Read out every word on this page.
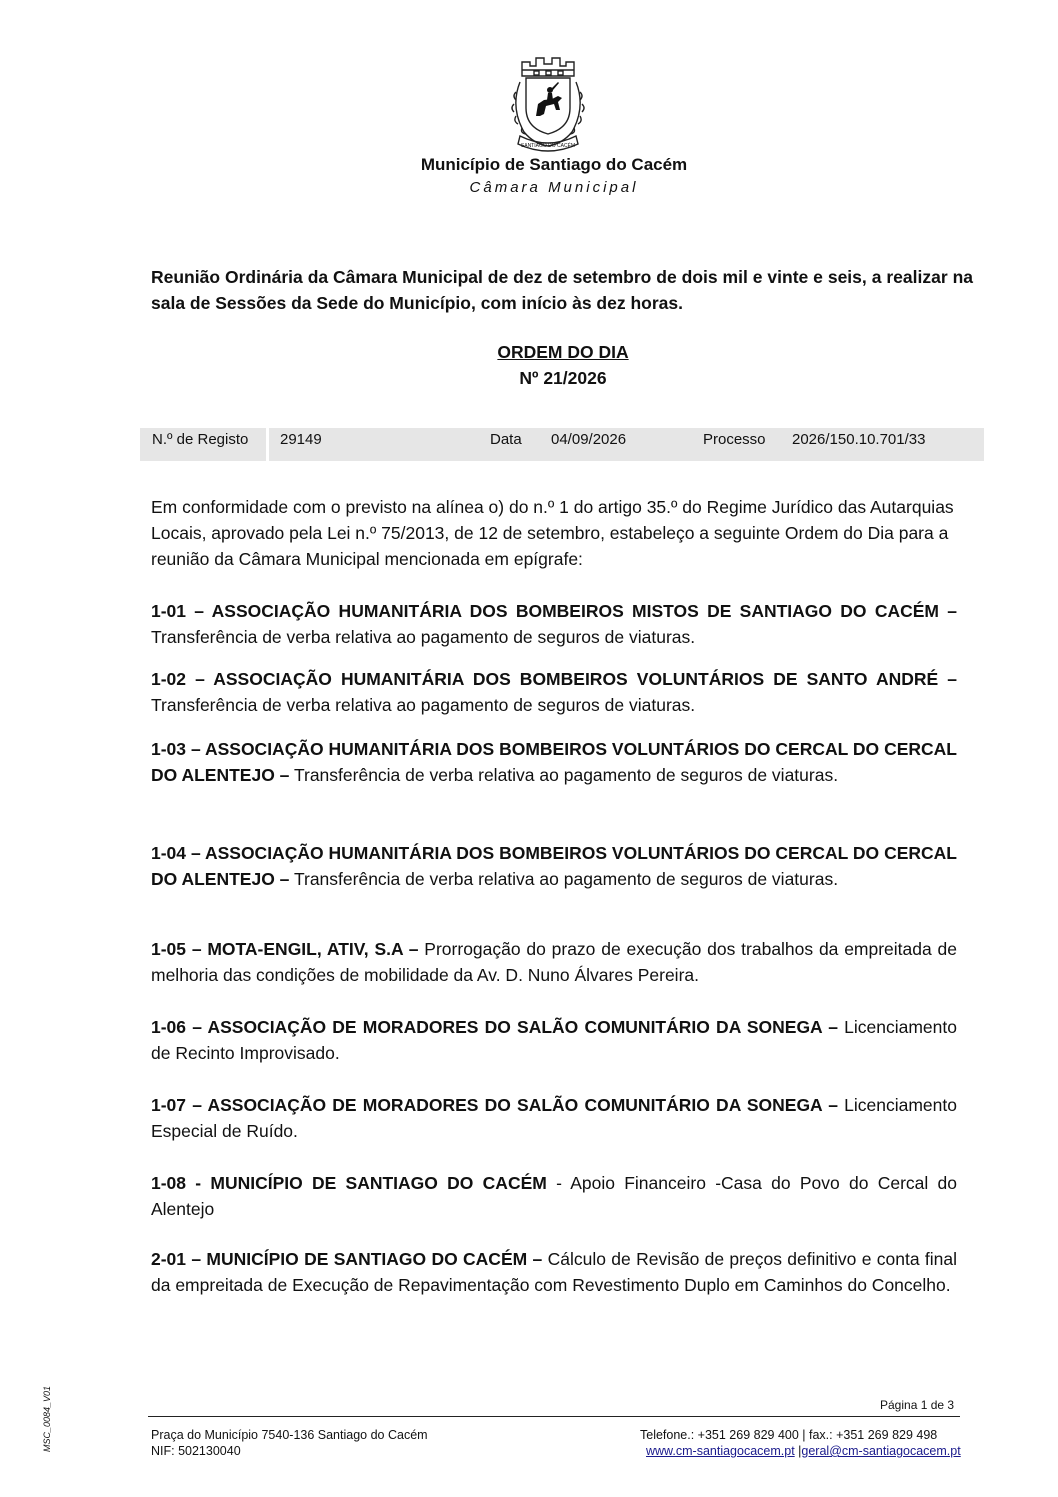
SANTIAGO DO CACÉM
Município de Santiago do Cacém
Câmara Municipal
Reunião Ordinária da Câmara Municipal de dez de setembro de dois mil e vinte e seis, a realizar na sala de Sessões da Sede do Município, com início às dez horas.
ORDEM DO DIA
Nº 21/2026
N.º de Registo 29149	Data 04/09/2026	Processo 2026/150.10.701/33
Em conformidade com o previsto na alínea o) do n.º 1 do artigo 35.º do Regime Jurídico das Autarquias Locais, aprovado pela Lei n.º 75/2013, de 12 de setembro, estabeleço a seguinte Ordem do Dia para a reunião da Câmara Municipal mencionada em epígrafe:
1-01 – ASSOCIAÇÃO HUMANITÁRIA DOS BOMBEIROS MISTOS DE SANTIAGO DO CACÉM – Transferência de verba relativa ao pagamento de seguros de viaturas.
1-02 – ASSOCIAÇÃO HUMANITÁRIA DOS BOMBEIROS VOLUNTÁRIOS DE SANTO ANDRÉ – Transferência de verba relativa ao pagamento de seguros de viaturas.
1-03 – ASSOCIAÇÃO HUMANITÁRIA DOS BOMBEIROS VOLUNTÁRIOS DO CERCAL DO CERCAL DO ALENTEJO – Transferência de verba relativa ao pagamento de seguros de viaturas.
1-04 – ASSOCIAÇÃO HUMANITÁRIA DOS BOMBEIROS VOLUNTÁRIOS DO CERCAL DO CERCAL DO ALENTEJO – Transferência de verba relativa ao pagamento de seguros de viaturas.
1-05 – MOTA-ENGIL, ATIV, S.A – Prorrogação do prazo de execução dos trabalhos da empreitada de melhoria das condições de mobilidade da Av. D. Nuno Álvares Pereira.
1-06 – ASSOCIAÇÃO DE MORADORES DO SALÃO COMUNITÁRIO DA SONEGA – Licenciamento de Recinto Improvisado.
1-07 – ASSOCIAÇÃO DE MORADORES DO SALÃO COMUNITÁRIO DA SONEGA – Licenciamento Especial de Ruído.
1-08 - MUNICÍPIO DE SANTIAGO DO CACÉM - Apoio Financeiro -Casa do Povo do Cercal do Alentejo
2-01 – MUNICÍPIO DE SANTIAGO DO CACÉM – Cálculo de Revisão de preços definitivo e conta final da empreitada de Execução de Repavimentação com Revestimento Duplo em Caminhos do Concelho.
Página 1 de 3
Praça do Município 7540-136 Santiago do Cacém
NIF: 502130040
Telefone.: +351 269 829 400 | fax.: +351 269 829 498
www.cm-santiagocacem.pt |geral@cm-santiagocacem.pt
MSC_0084_V01
